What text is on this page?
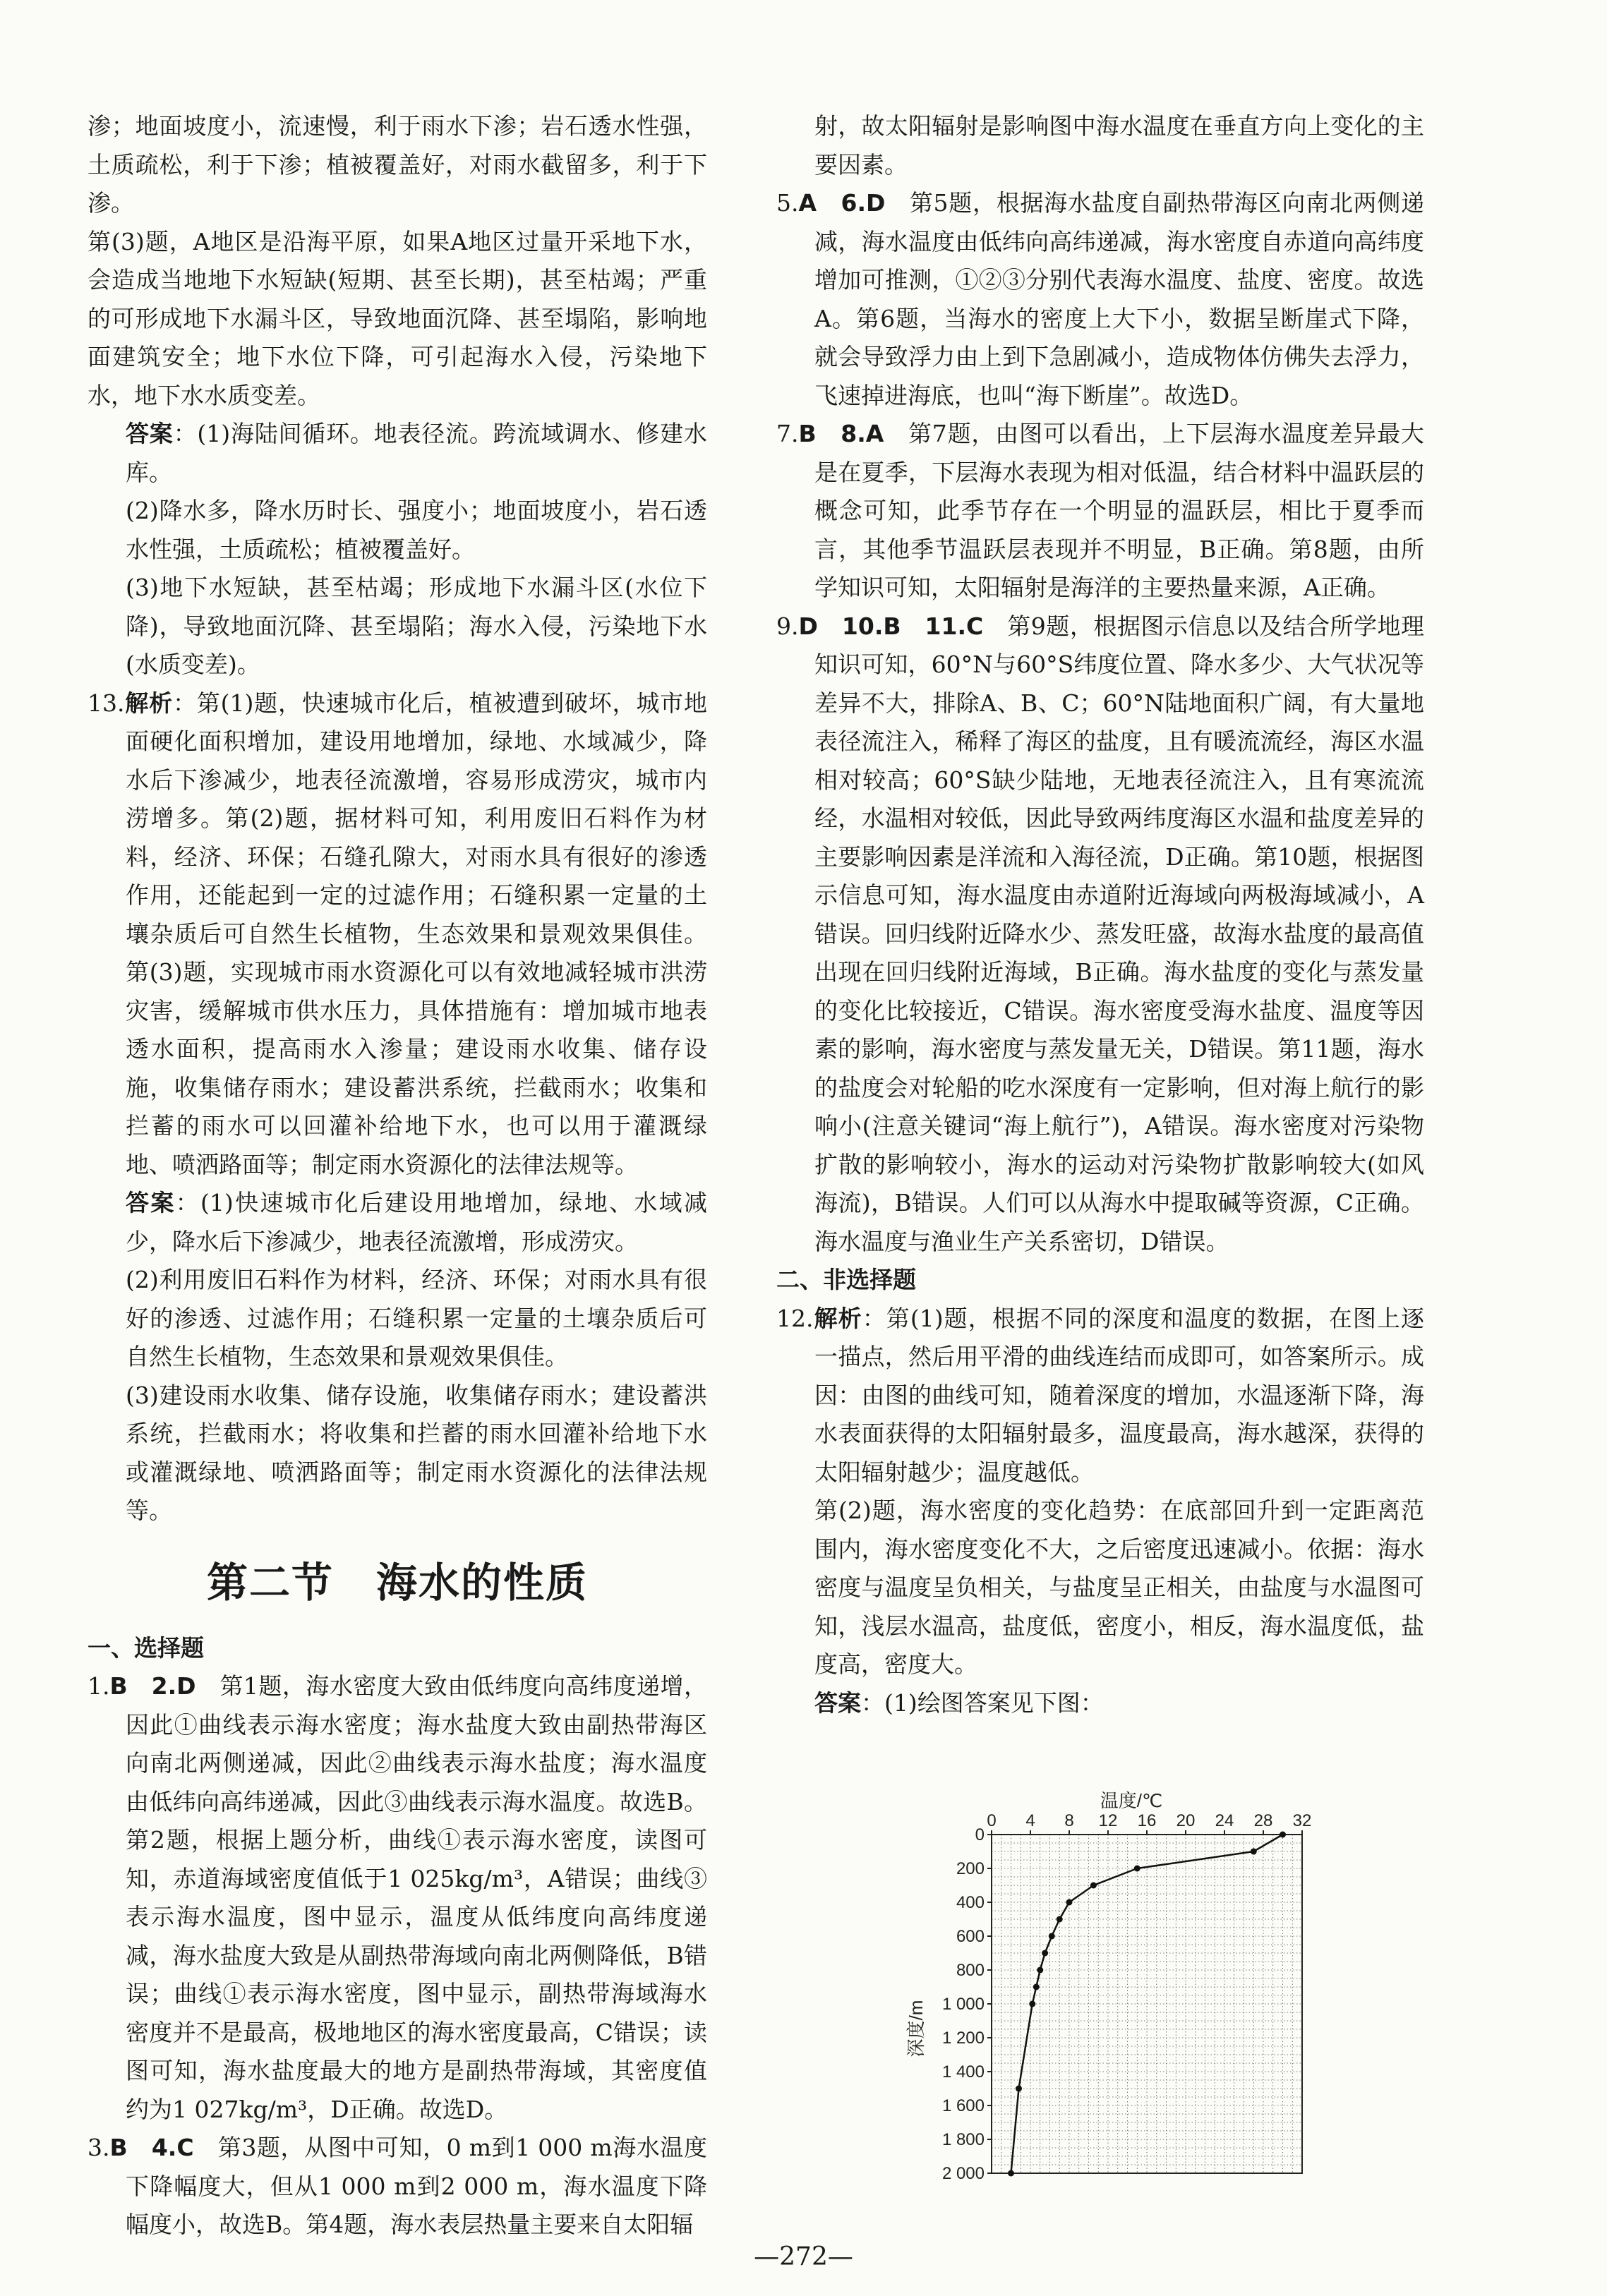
渗；地面坡度小，流速慢，利于雨水下渗；岩石透水性强，土质疏松，利于下渗；植被覆盖好，对雨水截留多，利于下渗。

第(3)题，A地区是沿海平原，如果A地区过量开采地下水，会造成当地地下水短缺(短期、甚至长期)，甚至枯竭；严重的可形成地下水漏斗区，导致地面沉降、甚至塌陷，影响地面建筑安全；地下水位下降，可引起海水入侵，污染地下水，地下水水质变差。

答案：(1)海陆间循环。地表径流。跨流域调水、修建水库。

(2)降水多，降水历时长、强度小；地面坡度小，岩石透水性强，土质疏松；植被覆盖好。

(3)地下水短缺，甚至枯竭；形成地下水漏斗区(水位下降)，导致地面沉降、甚至塌陷；海水入侵，污染地下水(水质变差)。

13.解析：第(1)题，快速城市化后，植被遭到破坏，城市地面硬化面积增加，建设用地增加，绿地、水域减少，降水后下渗减少，地表径流激增，容易形成涝灾，城市内涝增多。第(2)题，据材料可知，利用废旧石料作为材料，经济、环保；石缝孔隙大，对雨水具有很好的渗透作用，还能起到一定的过滤作用；石缝积累一定量的土壤杂质后可自然生长植物，生态效果和景观效果俱佳。第(3)题，实现城市雨水资源化可以有效地减轻城市洪涝灾害，缓解城市供水压力，具体措施有：增加城市地表透水面积，提高雨水入渗量；建设雨水收集、储存设施，收集储存雨水；建设蓄洪系统，拦截雨水；收集和拦蓄的雨水可以回灌补给地下水，也可以用于灌溉绿地、喷洒路面等；制定雨水资源化的法律法规等。

答案：(1)快速城市化后建设用地增加，绿地、水域减少，降水后下渗减少，地表径流激增，形成涝灾。

(2)利用废旧石料作为材料，经济、环保；对雨水具有很好的渗透、过滤作用；石缝积累一定量的土壤杂质后可自然生长植物，生态效果和景观效果俱佳。

(3)建设雨水收集、储存设施，收集储存雨水；建设蓄洪系统，拦截雨水；将收集和拦蓄的雨水回灌补给地下水或灌溉绿地、喷洒路面等；制定雨水资源化的法律法规等。

第二节　海水的性质

一、选择题

1.B　2.D　第1题，海水密度大致由低纬度向高纬度递增，因此①曲线表示海水密度；海水盐度大致由副热带海区向南北两侧递减，因此②曲线表示海水盐度；海水温度由低纬向高纬递减，因此③曲线表示海水温度。故选B。第2题，根据上题分析，曲线①表示海水密度，读图可知，赤道海域密度值低于1 025kg/m³，A错误；曲线③表示海水温度，图中显示，温度从低纬度向高纬度递减，海水盐度大致是从副热带海域向南北两侧降低，B错误；曲线①表示海水密度，图中显示，副热带海域海水密度并不是最高，极地地区的海水密度最高，C错误；读图可知，海水盐度最大的地方是副热带海域，其密度值约为1 027kg/m³，D正确。故选D。

3.B　4.C　第3题，从图中可知，0 m到1 000 m海水温度下降幅度大，但从1 000 m到2 000 m，海水温度下降幅度小，故选B。第4题，海水表层热量主要来自太阳辐

射，故太阳辐射是影响图中海水温度在垂直方向上变化的主要因素。

5.A　6.D　第5题，根据海水盐度自副热带海区向南北两侧递减，海水温度由低纬向高纬递减，海水密度自赤道向高纬度增加可推测，①②③分别代表海水温度、盐度、密度。故选A。第6题，当海水的密度上大下小，数据呈断崖式下降，就会导致浮力由上到下急剧减小，造成物体仿佛失去浮力，飞速掉进海底，也叫“海下断崖”。故选D。

7.B　8.A　第7题，由图可以看出，上下层海水温度差异最大是在夏季，下层海水表现为相对低温，结合材料中温跃层的概念可知，此季节存在一个明显的温跃层，相比于夏季而言，其他季节温跃层表现并不明显，B正确。第8题，由所学知识可知，太阳辐射是海洋的主要热量来源，A正确。

9.D　10.B　11.C　第9题，根据图示信息以及结合所学地理知识可知，60°N与60°S纬度位置、降水多少、大气状况等差异不大，排除A、B、C；60°N陆地面积广阔，有大量地表径流注入，稀释了海区的盐度，且有暖流流经，海区水温相对较高；60°S缺少陆地，无地表径流注入，且有寒流流经，水温相对较低，因此导致两纬度海区水温和盐度差异的主要影响因素是洋流和入海径流，D正确。第10题，根据图示信息可知，海水温度由赤道附近海域向两极海域减小，A错误。回归线附近降水少、蒸发旺盛，故海水盐度的最高值出现在回归线附近海域，B正确。海水盐度的变化与蒸发量的变化比较接近，C错误。海水密度受海水盐度、温度等因素的影响，海水密度与蒸发量无关，D错误。第11题，海水的盐度会对轮船的吃水深度有一定影响，但对海上航行的影响小(注意关键词“海上航行”)，A错误。海水密度对污染物扩散的影响较小，海水的运动对污染物扩散影响较大(如风海流)，B错误。人们可以从海水中提取碱等资源，C正确。海水温度与渔业生产关系密切，D错误。

二、非选择题

12.解析：第(1)题，根据不同的深度和温度的数据，在图上逐一描点，然后用平滑的曲线连结而成即可，如答案所示。成因：由图的曲线可知，随着深度的增加，水温逐渐下降，海水表面获得的太阳辐射最多，温度最高，海水越深，获得的太阳辐射越少；温度越低。

第(2)题，海水密度的变化趋势：在底部回升到一定距离范围内，海水密度变化不大，之后密度迅速减小。依据：海水密度与温度呈负相关，与盐度呈正相关，由盐度与水温图可知，浅层水温高，盐度低，密度小，相反，海水温度低，盐度高，密度大。

答案：(1)绘图答案见下图：

0 4 8 12 16 20 24 28 32
0
200
400
600
800
1 000
1 200
1 400
1 600
1 800
2 000
温度/℃
深度/m
—272—
